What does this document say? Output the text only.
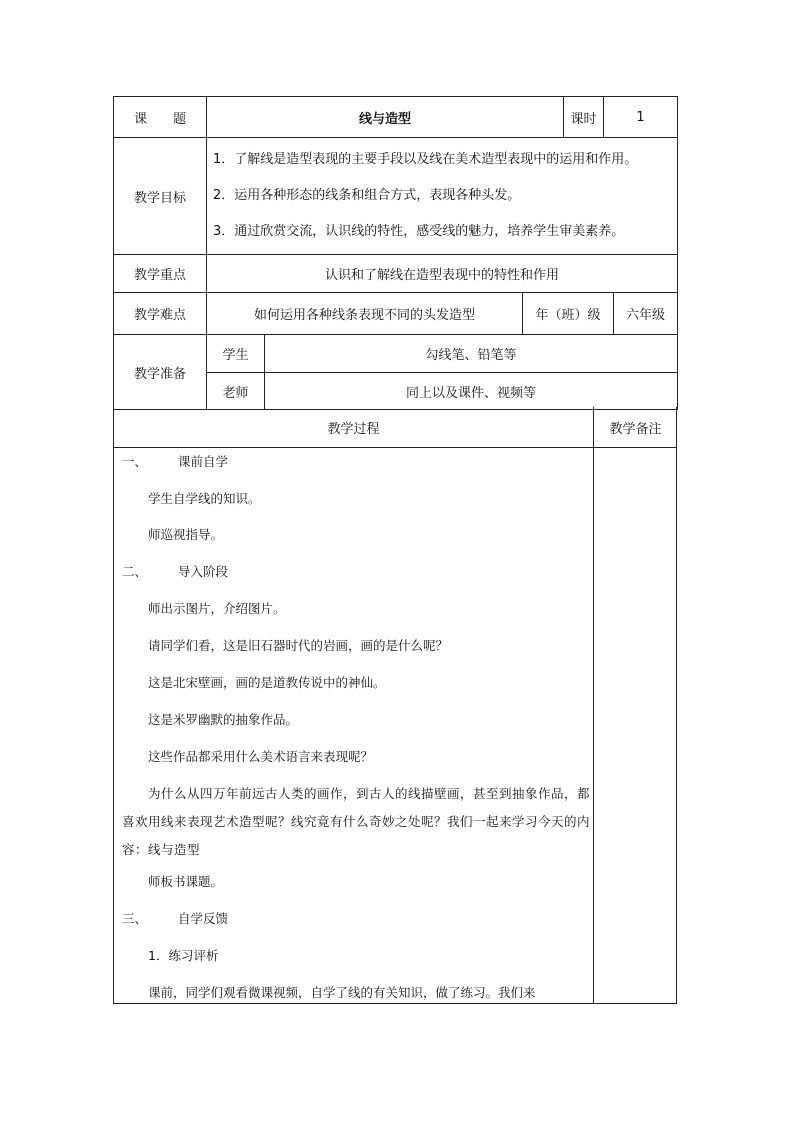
课　　题	线与造型			课时	1	
教学目标	1．了解线是造型表现的主要手段以及线在美术造型表现中的运用和作用。
2．运用各种形态的线条和组合方式，表现各种头发。
3．通过欣赏交流，认识线的特性，感受线的魅力，培养学生审美素养。					

教学重点	认识和了解线在造型表现中的特性和作用					
教学难点	如何运用各种线条表现不同的头发造型		年（班）级			六年级
教学准备	学生	勾线笔、铅笔等				
	老师	同上以及课件、视频等				
教学过程	教学备注
一、 课前自学
学生自学线的知识。
师巡视指导。
二、 导入阶段
师出示图片，介绍图片。
请同学们看，这是旧石器时代的岩画，画的是什么呢？
这是北宋壁画，画的是道教传说中的神仙。
这是米罗幽默的抽象作品。
这些作品都采用什么美术语言来表现呢？
为什么从四万年前远古人类的画作，到古人的线描壁画，甚至到抽象作品，都喜欢用线来表现艺术造型呢？线究竟有什么奇妙之处呢？我们一起来学习今天的内容：线与造型
师板书课题。
三、 自学反馈
1．练习评析
课前，同学们观看微课视频，自学了线的有关知识，做了练习。我们来
